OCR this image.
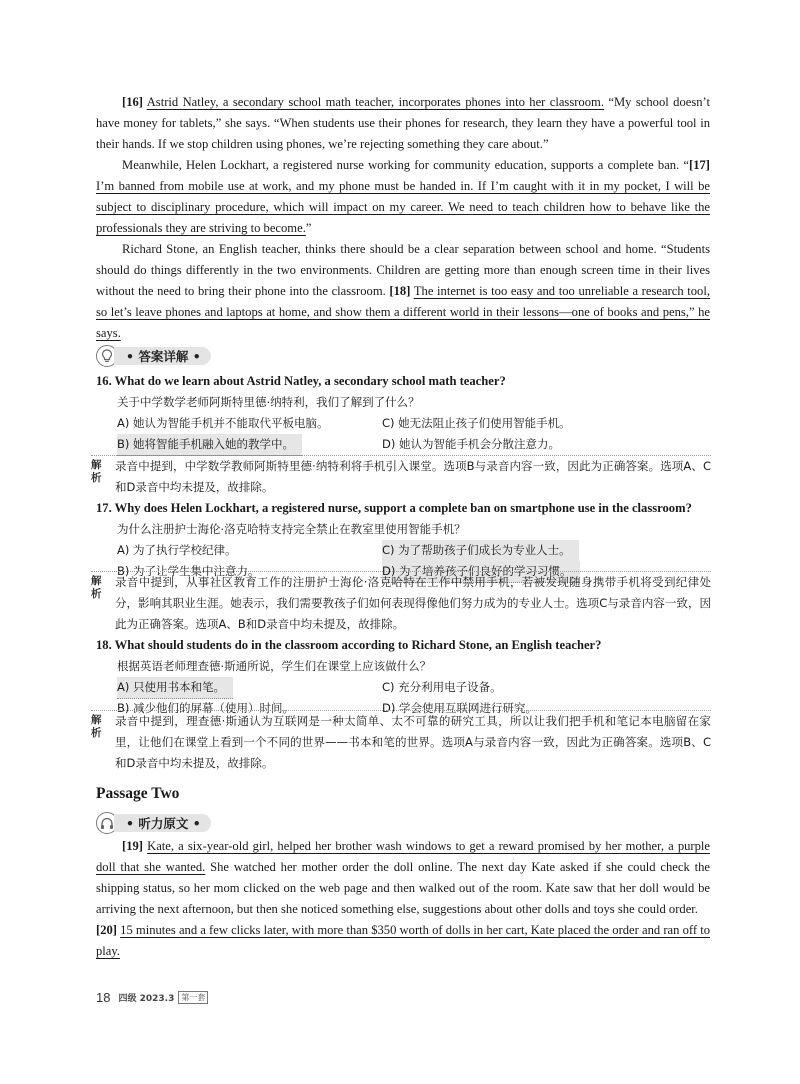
[16] Astrid Natley, a secondary school math teacher, incorporates phones into her classroom. “My school doesn’t have money for tablets,” she says. “When students use their phones for research, they learn they have a powerful tool in their hands. If we stop children using phones, we’re rejecting something they care about.”

Meanwhile, Helen Lockhart, a registered nurse working for community education, supports a complete ban. “[17] I’m banned from mobile use at work, and my phone must be handed in. If I’m caught with it in my pocket, I will be subject to disciplinary procedure, which will impact on my career. We need to teach children how to behave like the professionals they are striving to become.”

Richard Stone, an English teacher, thinks there should be a clear separation between school and home. “Students should do things differently in the two environments. Children are getting more than enough screen time in their lives without the need to bring their phone into the classroom. [18] The internet is too easy and too unreliable a research tool, so let’s leave phones and laptops at home, and show them a different world in their lessons—one of books and pens,” he says.

• 答案详解 •
16. What do we learn about Astrid Natley, a secondary school math teacher?
关于中学数学老师阿斯特里德·纳特利，我们了解到了什么？
A) 她认为智能手机并不能取代平板电脑。	C) 她无法阻止孩子们使用智能手机。
B) 她将智能手机融入她的教学中。	D) 她认为智能手机会分散注意力。
解析
录音中提到，中学数学教师阿斯特里德·纳特利将手机引入课堂。选项B与录音内容一致，因此为正确答案。选项A、C和D录音中均未提及，故排除。
17. Why does Helen Lockhart, a registered nurse, support a complete ban on smartphone use in the classroom?
为什么注册护士海伦·洛克哈特支持完全禁止在教室里使用智能手机？
A) 为了执行学校纪律。	C) 为了帮助孩子们成长为专业人士。
B) 为了让学生集中注意力。	D) 为了培养孩子们良好的学习习惯。
解析
录音中提到，从事社区教育工作的注册护士海伦·洛克哈特在工作中禁用手机，若被发现随身携带手机将受到纪律处分，影响其职业生涯。她表示，我们需要教孩子们如何表现得像他们努力成为的专业人士。选项C与录音内容一致，因此为正确答案。选项A、B和D录音中均未提及，故排除。
18. What should students do in the classroom according to Richard Stone, an English teacher?
根据英语老师理查德·斯通所说，学生们在课堂上应该做什么？
A) 只使用书本和笔。	C) 充分利用电子设备。
B) 减少他们的屏幕（使用）时间。	D) 学会使用互联网进行研究。
解析
录音中提到，理查德·斯通认为互联网是一种太简单、太不可靠的研究工具，所以让我们把手机和笔记本电脑留在家里，让他们在课堂上看到一个不同的世界——书本和笔的世界。选项A与录音内容一致，因此为正确答案。选项B、C和D录音中均未提及，故排除。
Passage Two
• 听力原文 •

[19] Kate, a six-year-old girl, helped her brother wash windows to get a reward promised by her mother, a purple doll that she wanted. She watched her mother order the doll online. The next day Kate asked if she could check the shipping status, so her mom clicked on the web page and then walked out of the room. Kate saw that her doll would be arriving the next afternoon, but then she noticed something else, suggestions about other dolls and toys she could order.

[20] 15 minutes and a few clicks later, with more than $350 worth of dolls in her cart, Kate placed the order and ran off to play.

18 四级 2023.3 第一套
